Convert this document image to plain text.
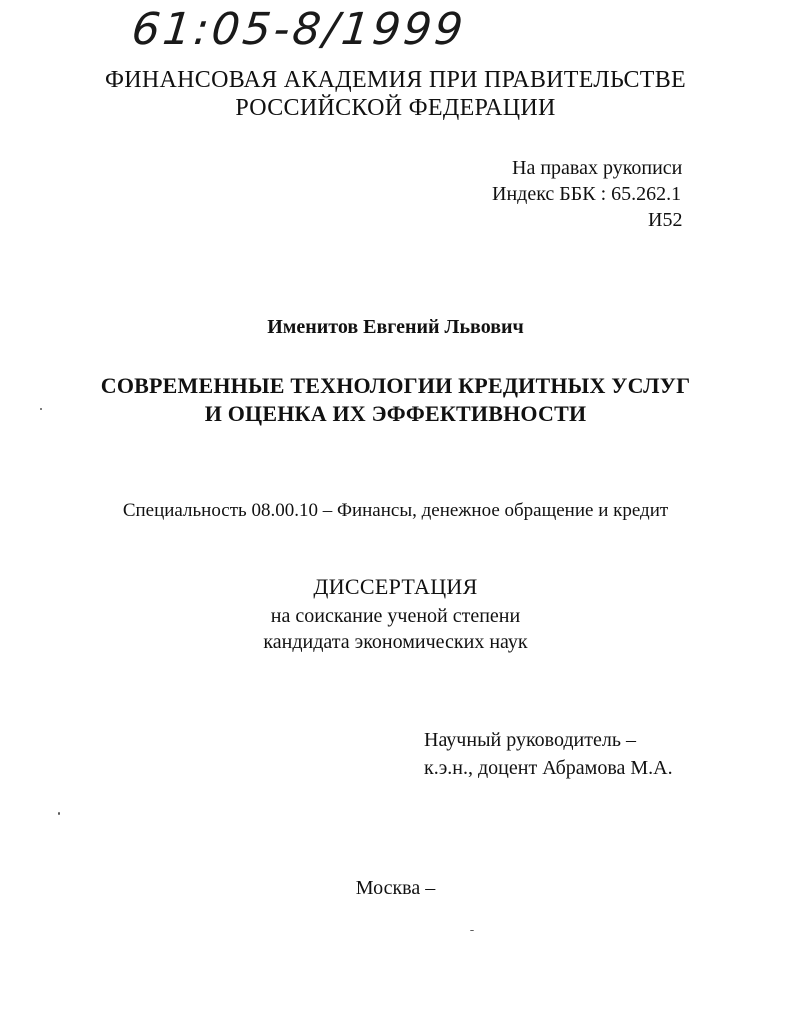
61:05-8/1999
ФИНАНСОВАЯ АКАДЕМИЯ ПРИ ПРАВИТЕЛЬСТВЕ
РОССИЙСКОЙ ФЕДЕРАЦИИ
На правах рукописи
Индекс ББК : 65.262.1
И52
Именитов Евгений Львович
СОВРЕМЕННЫЕ ТЕХНОЛОГИИ КРЕДИТНЫХ УСЛУГ
И ОЦЕНКА ИХ ЭФФЕКТИВНОСТИ
Специальность 08.00.10 – Финансы, денежное обращение и кредит
ДИССЕРТАЦИЯ
на соискание ученой степени
кандидата экономических наук
Научный руководитель –
к.э.н., доцент Абрамова М.А.
Москва –
